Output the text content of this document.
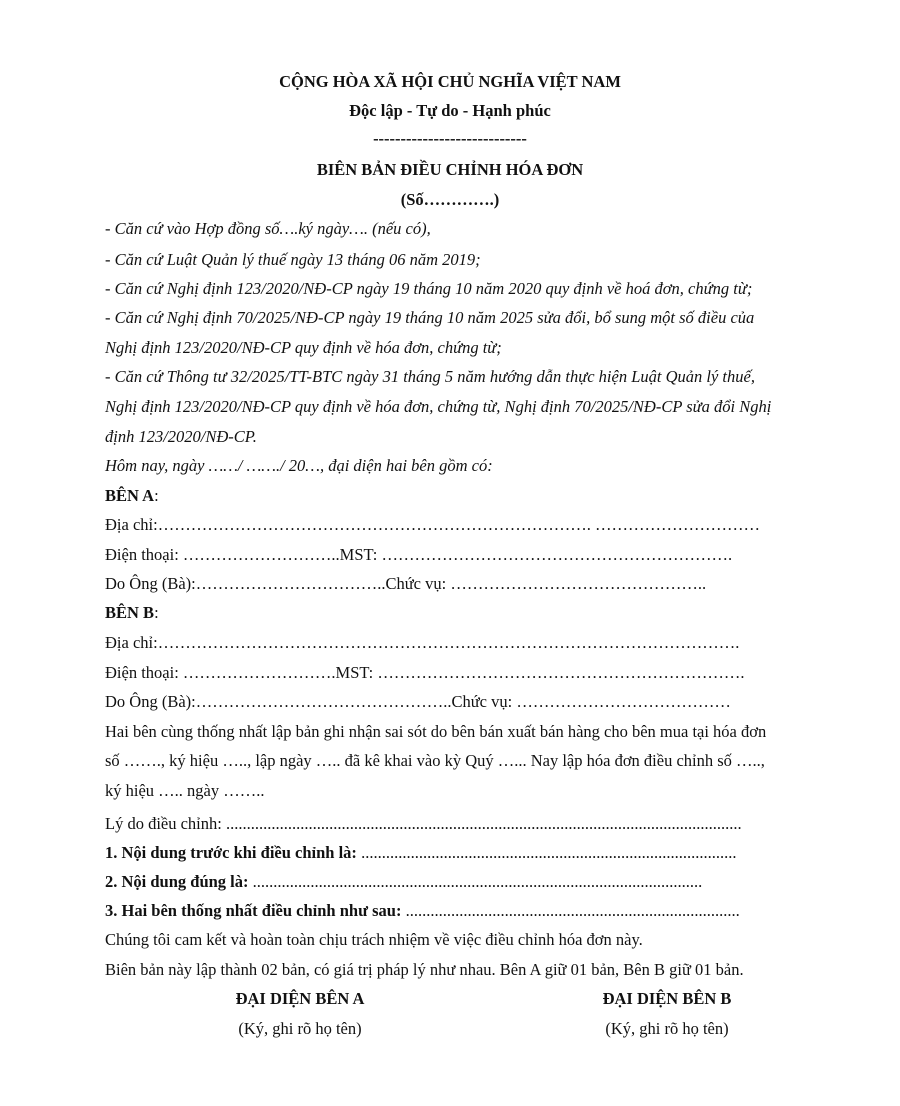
CỘNG HÒA XÃ HỘI CHỦ NGHĨA VIỆT NAM
Độc lập - Tự do - Hạnh phúc
----------------------------
BIÊN BẢN ĐIỀU CHỈNH HÓA ĐƠN
(Số………….)
- Căn cứ vào Hợp đồng số….ký ngày…. (nếu có),
- Căn cứ Luật Quản lý thuế ngày 13 tháng 06 năm 2019;
- Căn cứ Nghị định 123/2020/NĐ-CP ngày 19 tháng 10 năm 2020 quy định về hoá đơn, chứng từ;
- Căn cứ Nghị định 70/2025/NĐ-CP ngày 19 tháng 10 năm 2025 sửa đổi, bổ sung một số điều của
Nghị định 123/2020/NĐ-CP quy định về hóa đơn, chứng từ;
- Căn cứ Thông tư 32/2025/TT-BTC ngày 31 tháng 5 năm hướng dẫn thực hiện Luật Quản lý thuế,
Nghị định 123/2020/NĐ-CP quy định về hóa đơn, chứng từ, Nghị định 70/2025/NĐ-CP sửa đổi Nghị
định 123/2020/NĐ-CP.
Hôm nay, ngày ……/ ……./ 20…, đại diện hai bên gồm có:
BÊN A:
Địa chỉ:……………………………………………………………………. …………………………
Điện thoại: ………………………..MST: ……………………………………………………….
Do Ông (Bà):……………………………..Chức vụ: ………………………………………..
BÊN B:
Địa chỉ:…………………………………………………………………………………………….
Điện thoại: ……………………….MST: ………………………………………………………….
Do Ông (Bà):………………………………………..Chức vụ: …………………………………
Hai bên cùng thống nhất lập bản ghi nhận sai sót do bên bán xuất bán hàng cho bên mua tại hóa đơn
số ……., ký hiệu ….., lập ngày ….. đã kê khai vào kỳ Quý …... Nay lập hóa đơn điều chỉnh số …..,
ký hiệu ….. ngày ……..
Lý do điều chỉnh: .............................................................................................................................
1. Nội dung trước khi điều chỉnh là: ...........................................................................................
2. Nội dung đúng là: .............................................................................................................
3. Hai bên thống nhất điều chỉnh như sau: .................................................................................
Chúng tôi cam kết và hoàn toàn chịu trách nhiệm về việc điều chỉnh hóa đơn này.
Biên bản này lập thành 02 bản, có giá trị pháp lý như nhau. Bên A giữ 01 bản, Bên B giữ 01 bản.
ĐẠI DIỆN BÊN A
(Ký, ghi rõ họ tên)
ĐẠI DIỆN BÊN B
(Ký, ghi rõ họ tên)
